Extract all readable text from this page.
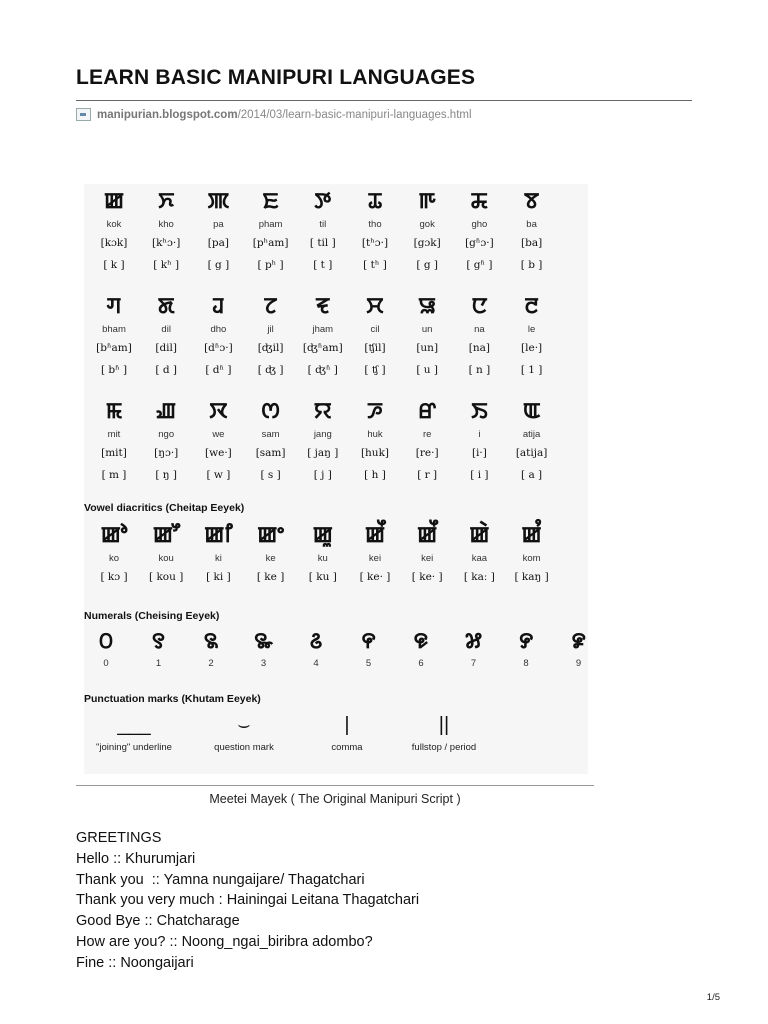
LEARN BASIC MANIPURI LANGUAGES
manipurian.blogspot.com/2014/03/learn-basic-manipuri-languages.html
ꯀ
kok
[kɔk]
[ k ]
ꯈ
kho
[kʰɔ·]
[ kʰ ]
ꯄ
pa
[pa]
[ g ]
ꯐ
pham
[pʰam]
[ pʰ ]
ꯇ
til
[ til ]
[ t ]
ꯊ
tho
[tʰɔ·]
[ tʰ ]
ꯒ
gok
[gɔk]
[ g ]
ꯘ
gho
[gʱɔ·]
[ gʱ ]
ꯕ
ba
[ba]
[ b ]
ꯚ
bham
[bʱam]
[ bʱ ]
ꯗ
dil
[dil]
[ d ]
ꯙ
dho
[dʱɔ·]
[ dʱ ]
ꯖ
jil
[ʤil]
[ ʤ ]
ꯓ
jham
[ʤʱam]
[ ʤʱ ]
ꯆ
cil
[ʧil]
[ ʧ ]
ꯎ
un
[un]
[ u ]
ꯅ
na
[na]
[ n ]
ꯂ
le
[le·]
[ 1 ]
ꯃ
mit
[mit]
[ m ]
ꯉ
ngo
[ŋɔ·]
[ ŋ ]
ꯋ
we
[we·]
[ w ]
ꯁ
sam
[sam]
[ s ]
ꯌ
jang
[ jaŋ ]
[ j ]
ꯍ
huk
[huk]
[ h ]
ꯔ
re
[re·]
[ r ]
ꯏ
i
[i·]
[ i ]
ꯑ
atija
[atija]
[ a ]
Vowel diacritics (Cheitap Eeyek)
ꯀ
ko
[ kɔ ]
ꯀ
kou
[ kou ]
ꯀ
ki
[ ki ]
ꯀ
ke
[ ke ]
ꯀ
ku
[ ku ]
ꯀ
kei
[ ke· ]
ꯀ
kei
[ ke· ]
ꯀ
kaa
[ kaː ]
ꯀ
kom
[ kaŋ ]
Numerals (Cheising Eeyek)
꯰
0
꯱
1
꯲
2
꯳
3
꯴
4
꯵
5
꯶
6
꯷
7
꯸
8
꯹
9
Punctuation marks (Khutam Eeyek)
___
"joining" underline
⌣
question mark
|
comma
||
fullstop / period
Meetei Mayek ( The Original Manipuri Script )
GREETINGS
Hello :: Khurumjari
Thank you  :: Yamna nungaijare/ Thagatchari
Thank you very much : Hainingai Leitana Thagatchari
Good Bye :: Chatcharage
How are you? :: Noong_ngai_biribra adombo?
Fine :: Noongaijari
1/5
